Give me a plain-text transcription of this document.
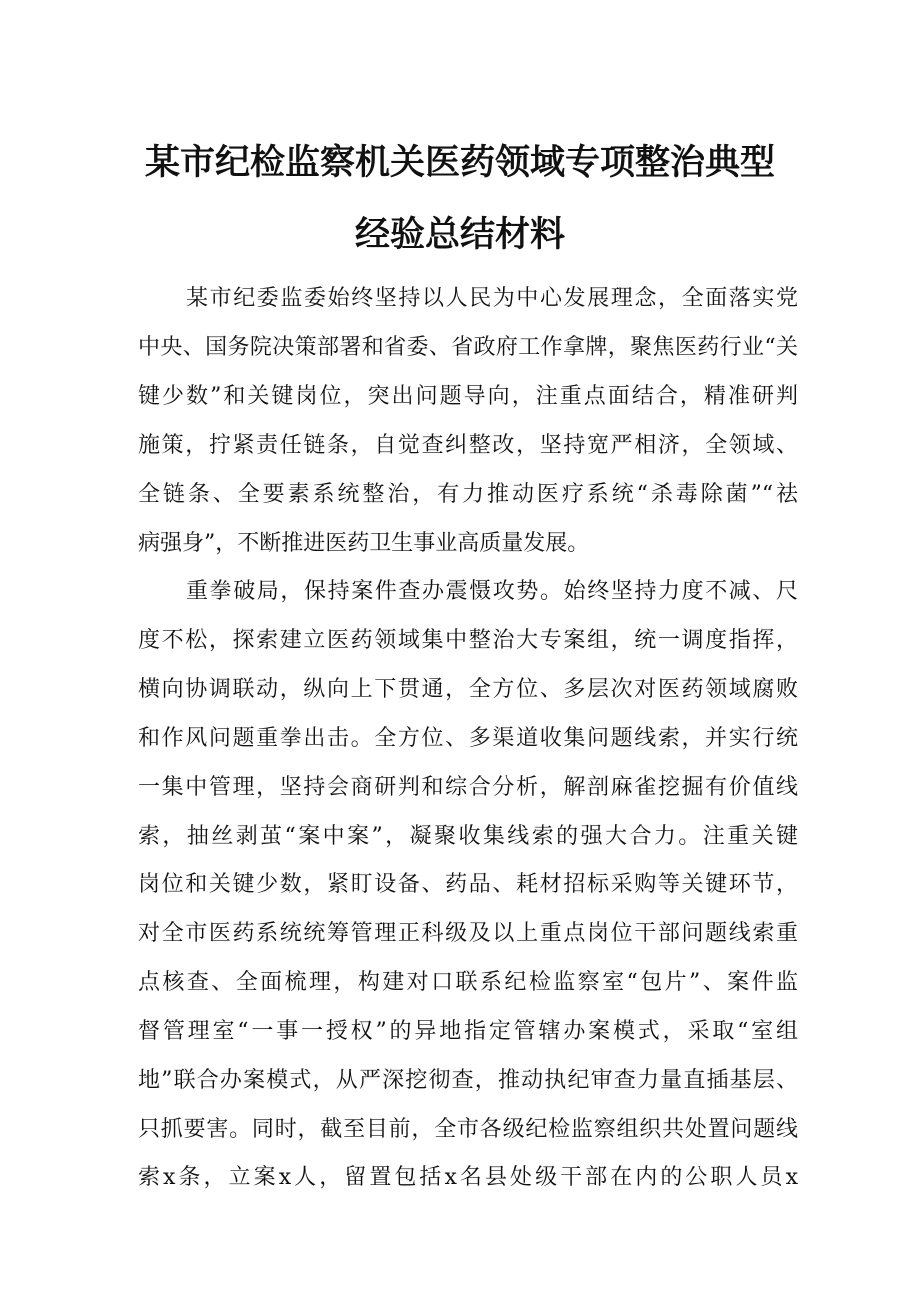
某市纪检监察机关医药领域专项整治典型
经验总结材料
某市纪委监委始终坚持以人民为中心发展理念，全面落实党
中央、国务院决策部署和省委、省政府工作拿牌，聚焦医药行业“关
键少数”和关键岗位，突出问题导向，注重点面结合，精准研判
施策，拧紧责任链条，自觉查纠整改，坚持宽严相济，全领域、
全链条、全要素系统整治，有力推动医疗系统“杀毒除菌”“祛
病强身”，不断推进医药卫生事业高质量发展。
重拳破局，保持案件查办震慑攻势。始终坚持力度不减、尺
度不松，探索建立医药领域集中整治大专案组，统一调度指挥，
横向协调联动，纵向上下贯通，全方位、多层次对医药领域腐败
和作风问题重拳出击。全方位、多渠道收集问题线索，并实行统
一集中管理，坚持会商研判和综合分析，解剖麻雀挖掘有价值线
索，抽丝剥茧“案中案”，凝聚收集线索的强大合力。注重关键
岗位和关键少数，紧盯设备、药品、耗材招标采购等关键环节，
对全市医药系统统筹管理正科级及以上重点岗位干部问题线索重
点核查、全面梳理，构建对口联系纪检监察室“包片”、案件监
督管理室“一事一授权”的异地指定管辖办案模式，采取“室组
地”联合办案模式，从严深挖彻查，推动执纪审查力量直插基层、
只抓要害。同时，截至目前，全市各级纪检监察组织共处置问题线
索x条，立案x人，留置包括x名县处级干部在内的公职人员x
